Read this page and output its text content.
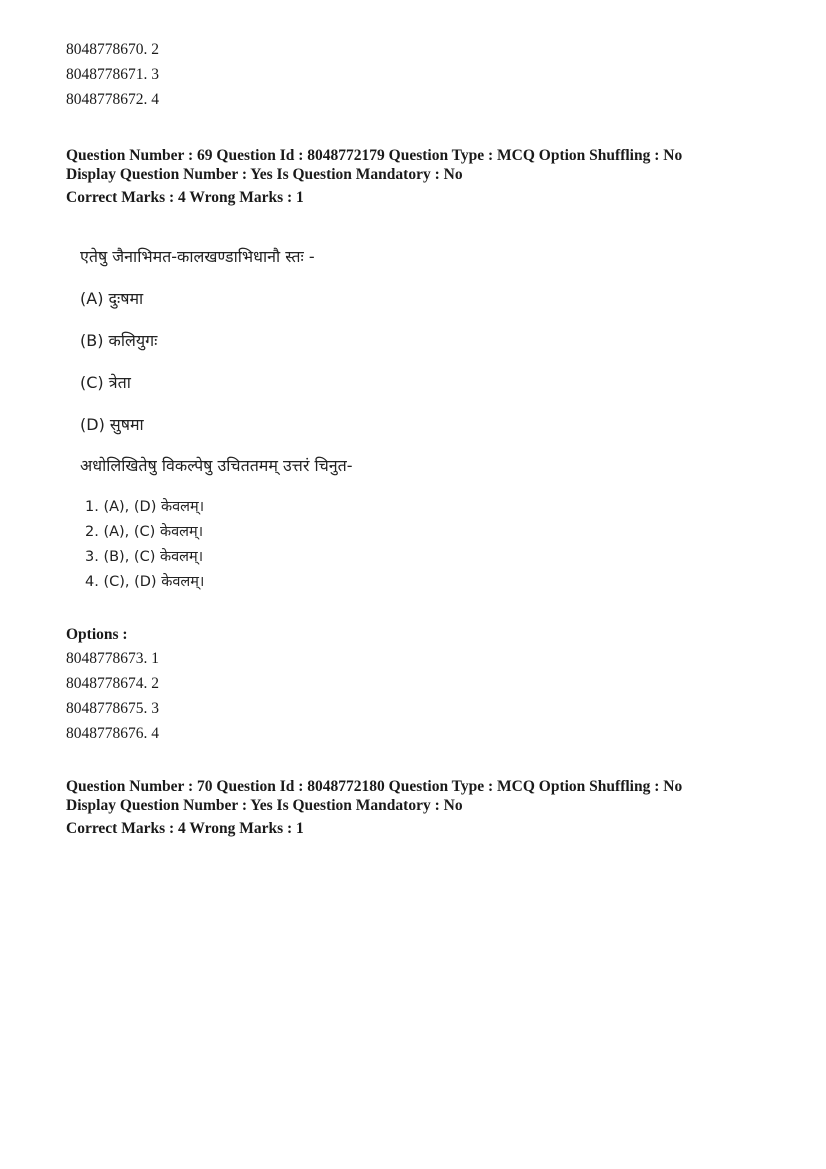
8048778670. 2
8048778671. 3
8048778672. 4
Question Number : 69 Question Id : 8048772179 Question Type : MCQ Option Shuffling : No
Display Question Number : Yes Is Question Mandatory : No
Correct Marks : 4 Wrong Marks : 1
एतेषु जैनाभिमत-कालखण्डाभिधानौ स्तः -
(A) दुःषमा
(B) कलियुगः
(C) त्रेता
(D) सुषमा
अधोलिखितेषु विकल्पेषु उचिततमम् उत्तरं चिनुत-
1. (A), (D) केवलम्।
2. (A), (C) केवलम्।
3. (B), (C) केवलम्।
4. (C), (D) केवलम्।
Options :
8048778673. 1
8048778674. 2
8048778675. 3
8048778676. 4
Question Number : 70 Question Id : 8048772180 Question Type : MCQ Option Shuffling : No
Display Question Number : Yes Is Question Mandatory : No
Correct Marks : 4 Wrong Marks : 1
